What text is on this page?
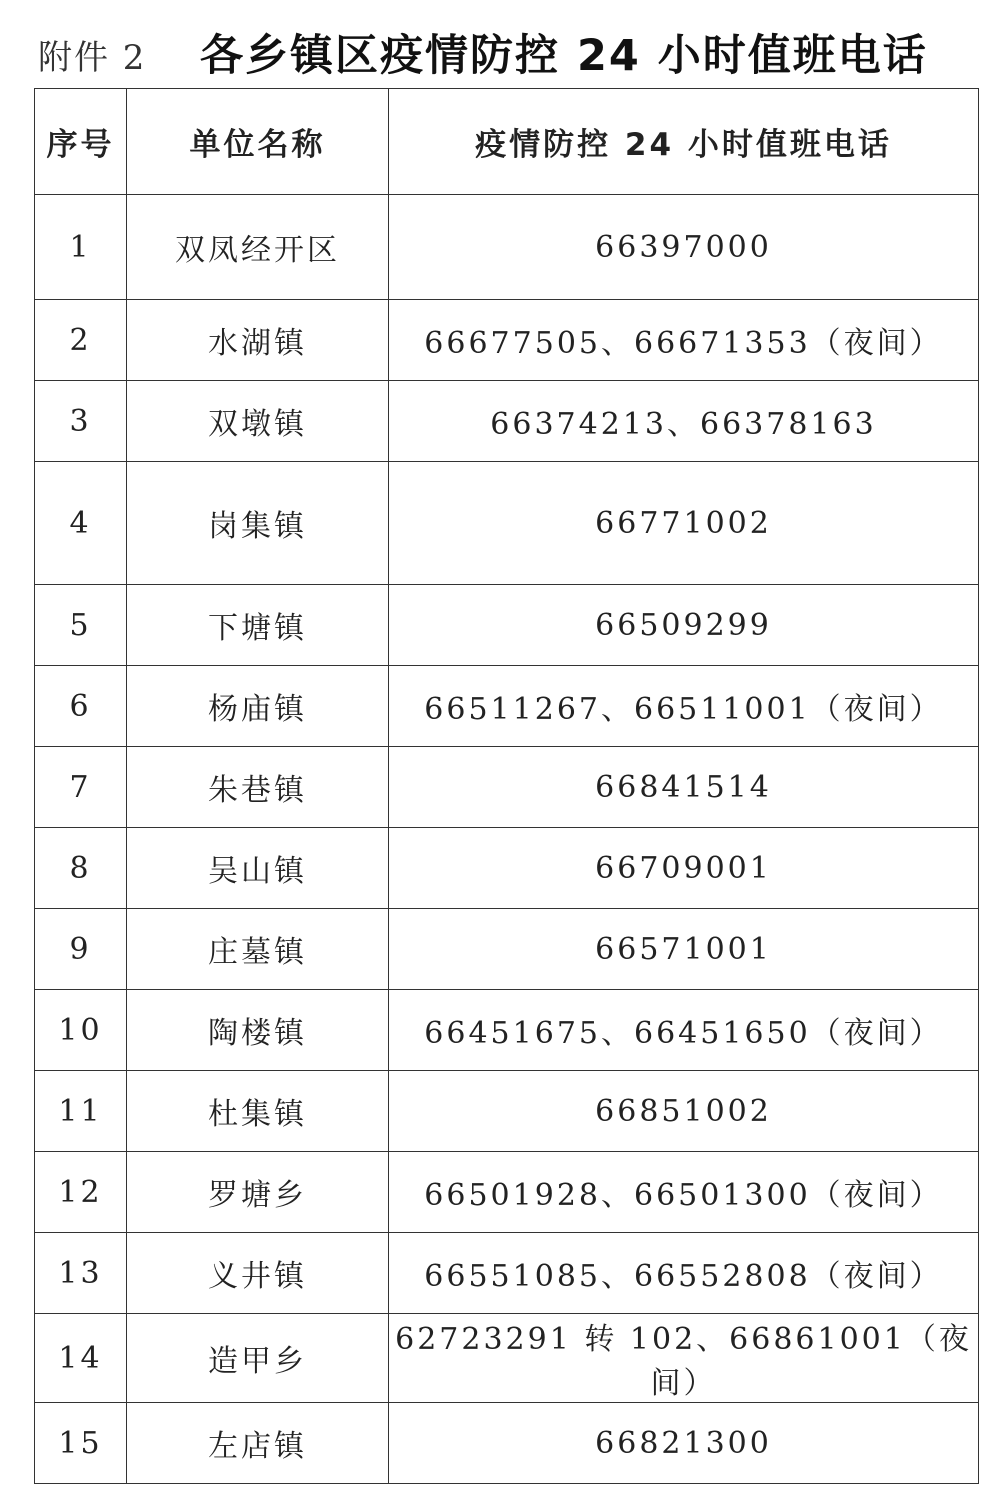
附件 2 各乡镇区疫情防控 24 小时值班电话
序号	单位名称	疫情防控 24 小时值班电话
1	双凤经开区	66397000
2	水湖镇	66677505、66671353（夜间）
3	双墩镇	66374213、66378163
4	岗集镇	66771002
5	下塘镇	66509299
6	杨庙镇	66511267、66511001（夜间）
7	朱巷镇	66841514
8	吴山镇	66709001
9	庄墓镇	66571001
10	陶楼镇	66451675、66451650（夜间）
11	杜集镇	66851002
12	罗塘乡	66501928、66501300（夜间）
13	义井镇	66551085、66552808（夜间）
14	造甲乡	62723291 转 102、66861001（夜间）
15	左店镇	66821300
